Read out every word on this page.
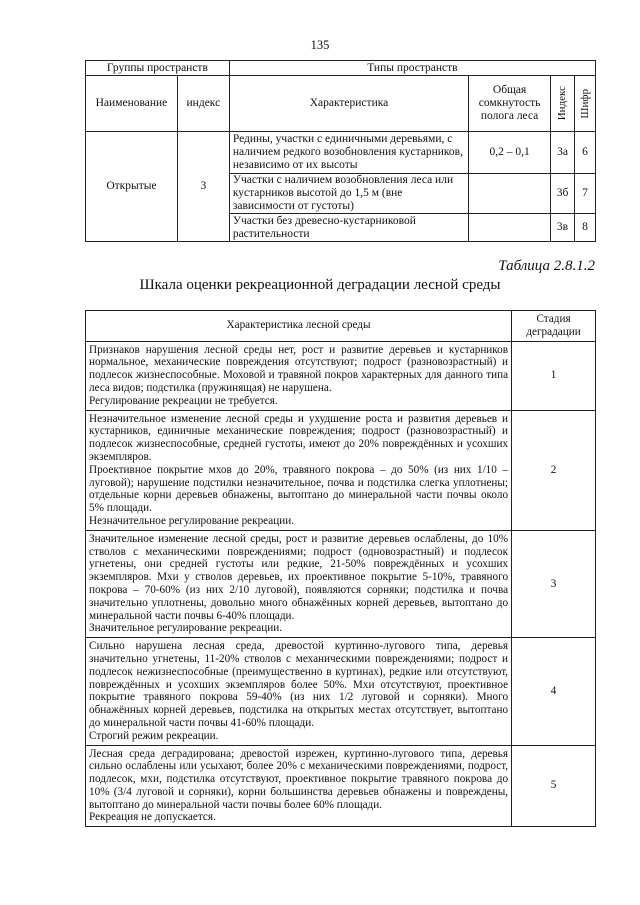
135
Группы пространств		Типы пространств			
Наименование	индекс	Характеристика	Общая сомкнутость полога леса	Индекс	Шифр

Открытые	3	Редины, участки с единичными деревьями, с наличием редкого возобновления кустарников, независимо от их высоты	0,2 – 0,1	3а	6
		Участки с наличием возобновления леса или кустарников высотой до 1,5 м (вне зависимости от густоты)		3б	7
		Участки без древесно-кустарниковой растительности		3в	8
Таблица 2.8.1.2
Шкала оценки рекреационной деградации лесной среды
Характеристика лесной среды	Стадия деградации

Признаков нарушения лесной среды нет, рост и развитие деревьев и кустарников нормальное, механические повреждения отсутствуют; подрост (разновозрастный) и подлесок жизнеспособные. Моховой и травяной покров характерных для данного типа леса видов; подстилка (пружинящая) не нарушена.

Регулирование рекреации не требуется.	1

Незначительное изменение лесной среды и ухудшение роста и развития деревьев и кустарников, единичные механические повреждения; подрост (разновозрастный) и подлесок жизнеспособные, средней густоты, имеют до 20% повреждённых и усохших экземпляров.

Проективное покрытие мхов до 20%, травяного покрова – до 50% (из них 1/10 – луговой); нарушение подстилки незначительное, почва и подстилка слегка уплотнены; отдельные корни деревьев обнажены, вытоптано до минеральной части почвы около 5% площади.

Незначительное регулирование рекреации.	2

Значительное изменение лесной среды, рост и развитие деревьев ослаблены, до 10% стволов с механическими повреждениями; подрост (одновозрастный) и подлесок угнетены, они средней густоты или редкие, 21-50% повреждённых и усохших экземпляров. Мхи у стволов деревьев, их проективное покрытие 5-10%, травяного покрова – 70-60% (из них 2/10 луговой), появляются сорняки; подстилка и почва значительно уплотнены, довольно много обнажённых корней деревьев, вытоптано до минеральной части почвы 6-40% площади.

Значительное регулирование рекреации.	3

Сильно нарушена лесная среда, древостой куртинно-лугового типа, деревья значительно угнетены, 11-20% стволов с механическими повреждениями; подрост и подлесок нежизнеспособные (преимущественно в куртинах), редкие или отсутствуют, повреждённых и усохших экземпляров более 50%. Мхи отсутствуют, проективное покрытие травяного покрова 59-40% (из них 1/2 луговой и сорняки). Много обнажённых корней деревьев, подстилка на открытых местах отсутствует, вытоптано до минеральной части почвы 41-60% площади.

Строгий режим рекреации.	4

Лесная среда деградирована; древостой изрежен, куртинно-лугового типа, деревья сильно ослаблены или усыхают, более 20% с механическими повреждениями, подрост, подлесок, мхи, подстилка отсутствуют, проективное покрытие травяного покрова до 10% (3/4 луговой и сорняки), корни большинства деревьев обнажены и повреждены, вытоптано до минеральной части почвы более 60% площади.

Рекреация не допускается.	5
